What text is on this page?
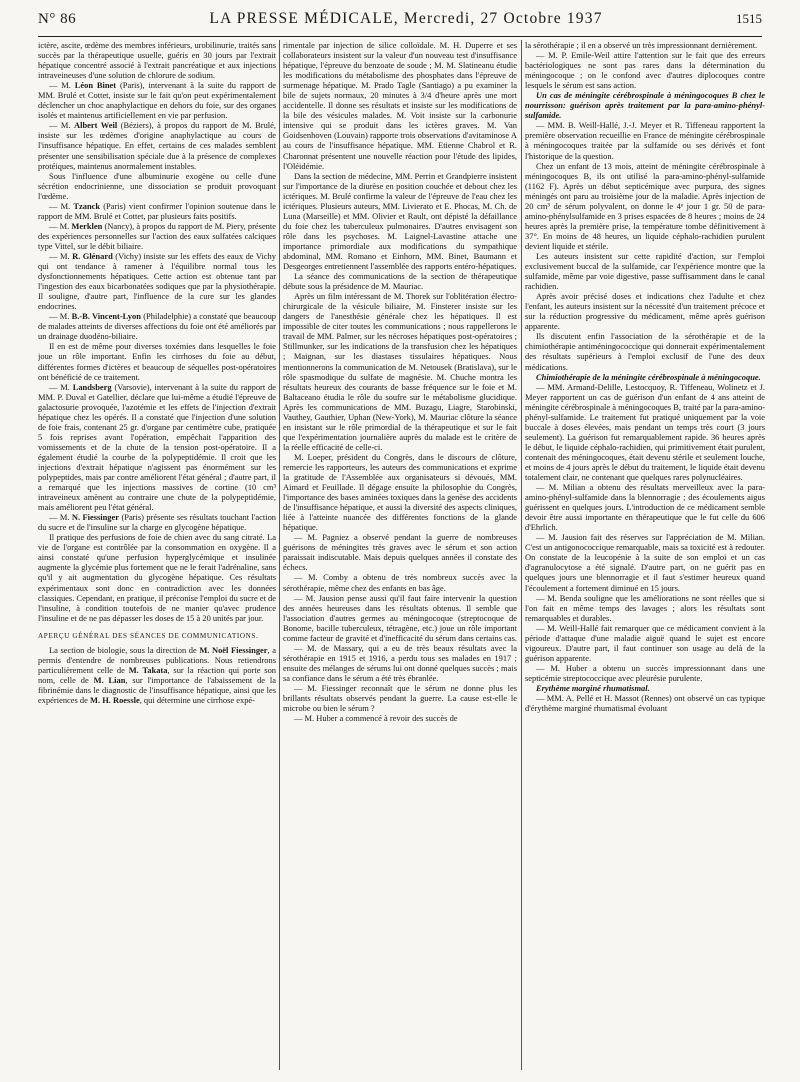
N° 86	LA PRESSE MÉDICALE, Mercredi, 27 Octobre 1937	1515

ictère, ascite, œdème des membres inférieurs, urobilinurie, traités sans succès par la thérapeutique usuelle, guéris en 30 jours par l'extrait hépatique concentré associé à l'extrait pancréatique et aux injections intraveineuses d'une solution de chlorure de sodium.

— M. Léon Binet (Paris), intervenant à la suite du rapport de MM. Brulé et Cottet, insiste sur le fait qu'on peut expérimentalement déclencher un choc anaphylactique en dehors du foie, sur des organes isolés et maintenus artificiellement en vie par perfusion.

— M. Albert Weil (Béziers), à propos du rapport de M. Brulé, insiste sur les œdèmes d'origine anaphylactique au cours de l'insuffisance hépatique. En effet, certains de ces malades semblent présenter une sensibilisation spéciale due à la présence de complexes protéiques, maintenus anormalement instables.

Sous l'influence d'une albuminurie exogène ou celle d'une sécrétion endocrinienne, une dissociation se produit provoquant l'œdème.

— M. Tzanck (Paris) vient confirmer l'opinion soutenue dans le rapport de MM. Brulé et Cottet, par plusieurs faits positifs.

— M. Merklen (Nancy), à propos du rapport de M. Piery, présente des expériences personnelles sur l'action des eaux sulfatées calciques type Vittel, sur le débit biliaire.

— M. R. Glénard (Vichy) insiste sur les effets des eaux de Vichy qui ont tendance à ramener à l'équilibre normal tous les dysfonctionnements hépatiques. Cette action est obtenue tant par l'ingestion des eaux bicarbonatées sodiques que par la physiothérapie. Il souligne, d'autre part, l'influence de la cure sur les glandes endocrines.

— M. B.-B. Vincent-Lyon (Philadelphie) a constaté que beaucoup de malades atteints de diverses affections du foie ont été améliorés par un drainage duodéno-biliaire.

Il en est de même pour diverses toxémies dans lesquelles le foie joue un rôle important. Enfin les cirrhoses du foie au début, différentes formes d'ictères et beaucoup de séquelles post-opératoires ont bénéficié de ce traitement.

— M. Landsberg (Varsovie), intervenant à la suite du rapport de MM. P. Duval et Gatellier, déclare que lui-même a étudié l'épreuve de galactosurie provoquée, l'azotémie et les effets de l'injection d'extrait hépatique chez les opérés. Il a constaté que l'injection d'une solution de foie frais, contenant 25 gr. d'organe par centimètre cube, pratiquée 5 fois reprises avant l'opération, empêchait l'apparition des vomissements et de la chute de la tension post-opératoire. Il a également étudié la courbe de la polypeptidémie. Il croit que les injections d'extrait hépatique n'agissent pas énormément sur les polypeptides, mais par contre améliorent l'état général ; d'autre part, il a remarqué que les injections massives de cortine (10 cm³ intraveineux amènent au contraire une chute de la polypeptidémie, mais améliorent peu l'état général.

— M. N. Fiessinger (Paris) présente ses résultats touchant l'action du sucre et de l'insuline sur la charge en glycogène hépatique.

Il pratique des perfusions de foie de chien avec du sang citraté. La vie de l'organe est contrôlée par la consommation en oxygène. Il a ainsi constaté qu'une perfusion hyperglycémique et insulinée augmente la glycémie plus fortement que ne le ferait l'adrénaline, sans qu'il y ait augmentation du glycogène hépatique. Ces résultats expérimentaux sont donc en contradiction avec les données classiques. Cependant, en pratique, il préconise l'emploi du sucre et de l'insuline, à condition toutefois de ne manier qu'avec prudence l'insuline et de ne pas dépasser les doses de 15 à 20 unités par jour.

APERÇU GÉNÉRAL DES SÉANCES DE COMMUNICATIONS.

La section de biologie, sous la direction de M. Noël Fiessinger, a permis d'entendre de nombreuses publications. Nous retiendrons particulièrement celle de M. Takata, sur la réaction qui porte son nom, celle de M. Lian, sur l'importance de l'abaissement de la fibrinémie dans le diagnostic de l'insuffisance hépatique, ainsi que les expériences de M. H. Roessle, qui détermine une cirrhose expé-

rimentale par injection de silice colloïdale. M. H. Duperre et ses collaborateurs insistent sur la valeur d'un nouveau test d'insuffisance hépatique, l'épreuve du benzoate de soude ; M. M. Slatineanu étudie les modifications du métabolisme des phosphates dans l'épreuve de surmenage hépatique. M. Prado Tagle (Santiago) a pu examiner la bile de sujets normaux, 20 minutes à 3/4 d'heure après une mort accidentelle. Il donne ses résultats et insiste sur les modifications de la bile des vésicules malades. M. Voit insiste sur la carbonurie intensive qui se produit dans les ictères graves. M. Van Goidsenhoven (Louvain) rapporte trois observations d'avitaminose A au cours de l'insuffisance hépatique. MM. Etienne Chabrol et R. Charonnat présentent une nouvelle réaction pour l'étude des lipides, l'Oléidémie.

Dans la section de médecine, MM. Perrin et Grandpierre insistent sur l'importance de la diurèse en position couchée et debout chez les ictériques. M. Brulé confirme la valeur de l'épreuve de l'eau chez les ictériques. Plusieurs auteurs, MM. Livierato et E. Phocas, M. Ch. de Luna (Marseille) et MM. Olivier et Rault, ont dépisté la défaillance du foie chez les tuberculeux pulmonaires. D'autres envisagent son rôle dans les psychoses. M. Laignel-Lavastine attache une importance primordiale aux modifications du sympathique abdominal, MM. Romano et Einhorn, MM. Binet, Baumann et Desgeorges entretiennent l'assemblée des rapports entéro-hépatiques.

La séance des communications de la section de thérapeutique débute sous la présidence de M. Mauriac.

Après un film intéressant de M. Thorek sur l'oblitération électro-chirurgicale de la vésicule biliaire, M. Finsterer insiste sur les dangers de l'anesthésie générale chez les hépatiques. Il est impossible de citer toutes les communications ; nous rappellerons le travail de MM. Palmer, sur les nécroses hépatiques post-opératoires ; Stillmunker, sur les indications de la transfusion chez les hépatiques ; Maignan, sur les diastases tissulaires hépatiques. Nous mentionnerons la communication de M. Netousek (Bratislava), sur le rôle spasmodique du sulfate de magnésie. M. Chuche montra les résultats heureux des courants de basse fréquence sur le foie et M. Baltaceano étudia le rôle du soufre sur le métabolisme glucidique. Après les communications de MM. Buzagu, Liagre, Starobinski, Vauthey, Gauthier, Uphan (New-York), M. Mauriac clôture la séance en insistant sur le rôle primordial de la thérapeutique et sur le fait que l'expérimentation journalière auprès du malade est le critère de la réelle efficacité de celle-ci.

M. Loeper, président du Congrès, dans le discours de clôture, remercie les rapporteurs, les auteurs des communications et exprime la gratitude de l'Assemblée aux organisateurs si dévoués, MM. Aimard et Feuillade. Il dégage ensuite la philosophie du Congrès, l'importance des bases aminées toxiques dans la genèse des accidents de l'insuffisance hépatique, et aussi la diversité des aspects cliniques, liée à l'atteinte nuancée des différentes fonctions de la glande hépatique.

— M. Pagniez a observé pendant la guerre de nombreuses guérisons de méningites très graves avec le sérum et son action paraissait indiscutable. Mais depuis quelques années il constate des échecs.

— M. Comby a obtenu de très nombreux succès avec la sérothérapie, même chez des enfants en bas âge.

— M. Jausion pense aussi qu'il faut faire intervenir la question des années heureuses dans les résultats obtenus. Il semble que l'association d'autres germes au méningocoque (streptocoque de Bonome, bacille tuberculeux, tétragène, etc.) joue un rôle important comme facteur de gravité et d'inefficacité du sérum dans certains cas.

— M. de Massary, qui a eu de très beaux résultats avec la sérothérapie en 1915 et 1916, a perdu tous ses malades en 1917 ; ensuite des mélanges de sérums lui ont donné quelques succès ; mais sa confiance dans le sérum a été très ébranlée.

— M. Fiessinger reconnaît que le sérum ne donne plus les brillants résultats observés pendant la guerre. La cause est-elle le microbe ou bien le sérum ?

— M. Huber a commencé à revoir des succès de

la sérothérapie ; il en a observé un très impressionnant dernièrement.

— M. P. Emile-Weil attire l'attention sur le fait que des erreurs bactériologiques ne sont pas rares dans la détermination du méningocoque ; on le confond avec d'autres diplocoques contre lesquels le sérum est sans action.

Un cas de méningite cérébrospinale à méningocoques B chez le nourrisson: guérison après traitement par la para-amino-phényl-sulfamide.

— MM. B. Weill-Hallé, J.-J. Meyer et R. Tiffeneau rapportent la première observation recueillie en France de méningite cérébrospinale à méningocoques traitée par la sulfamide ou ses dérivés et font l'historique de la question.

Chez un enfant de 13 mois, atteint de méningite cérébrospinale à méningocoques B, ils ont utilisé la para-amino-phényl-sulfamide (1162 F). Après un début septicémique avec purpura, des signes méningés ont paru au troisième jour de la maladie. Après injection de 20 cm³ de sérum polyvalent, on donne le 4ᵉ jour 1 gr. 50 de para-amino-phénylsulfamide en 3 prises espacées de 8 heures ; moins de 24 heures après la première prise, la température tombe définitivement à 37°. En moins de 48 heures, un liquide céphalo-rachidien purulent devient liquide et stérile.

Les auteurs insistent sur cette rapidité d'action, sur l'emploi exclusivement buccal de la sulfamide, car l'expérience montre que la sulfamide, même par voie digestive, passe suffisamment dans le canal rachidien.

Après avoir précisé doses et indications chez l'adulte et chez l'enfant, les auteurs insistent sur la nécessité d'un traitement précoce et sur la réduction progressive du médicament, même après guérison apparente.

Ils discutent enfin l'association de la sérothérapie et de la chimiothérapie antiméningococcique qui donnerait expérimentalement des résultats supérieurs à l'emploi exclusif de l'une des deux médications.

Chimiothérapie de la méningite cérébrospinale à méningocoque.

— MM. Armand-Delille, Lestocquoy, R. Tiffeneau, Wolinetz et J. Meyer rapportent un cas de guérison d'un enfant de 4 ans atteint de méningite cérébrospinale à méningocoques B, traité par la para-amino-phényl-sulfamide. Le traitement fut pratiqué uniquement par la voie buccale à doses élevées, mais pendant un temps très court (3 jours seulement). La guérison fut remarquablement rapide. 36 heures après le début, le liquide céphalo-rachidien, qui primitivement était purulent, contenait des méningocoques, était devenu stérile et seulement louche, et moins de 4 jours après le début du traitement, le liquide était devenu totalement clair, ne contenant que quelques rares polynucléaires.

— M. Milian a obtenu des résultats merveilleux avec la para-amino-phényl-sulfamide dans la blennorragie ; des écoulements aigus guérissent en quelques jours. L'introduction de ce médicament semble devoir être aussi importante en thérapeutique que le fut celle du 606 d'Ehrlich.

— M. Jausion fait des réserves sur l'appréciation de M. Milian. C'est un antigonococcique remarquable, mais sa toxicité est à redouter. On constate de la leucopénie à la suite de son emploi et un cas d'agranulocytose a été signalé. D'autre part, on ne guérit pas en quelques jours une blennorragie et il faut s'estimer heureux quand l'écoulement a fortement diminué en 15 jours.

— M. Benda souligne que les améliorations ne sont réelles que si l'on fait en même temps des lavages ; alors les résultats sont remarquables et durables.

— M. Weill-Hallé fait remarquer que ce médicament convient à la période d'attaque d'une maladie aiguë quand le sujet est encore vigoureux. D'autre part, il faut continuer son usage au delà de la guérison apparente.

— M. Huber a obtenu un succès impressionnant dans une septicémie streptococcique avec pleurésie purulente.

Erythème marginé rhumatismal.

— MM. A. Pellé et H. Massot (Rennes) ont observé un cas typique d'érythème marginé rhumatismal évoluant
